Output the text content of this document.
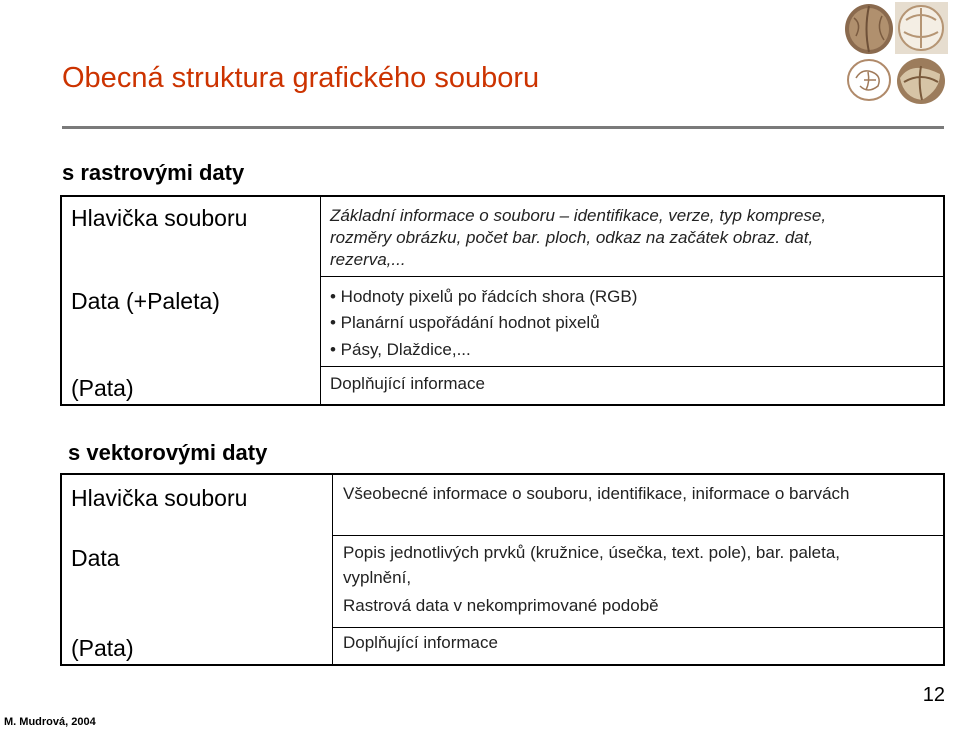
Obecná struktura grafického souboru
s rastrovými daty
Hlavička souboru	Základní informace o souboru – identifikace, verze, typ komprese,
rozměry obrázku, počet bar. ploch, odkaz na začátek obraz. dat,
rezerva,...
Data (+Paleta)	• Hodnoty pixelů po řádcích shora (RGB)
• Planární uspořádání hodnot pixelů
• Pásy, Dlaždice,...
(Pata)	Doplňující informace
s vektorovými daty
Hlavička souboru	Všeobecné informace o souboru, identifikace, iniformace o barvách
Data	Popis jednotlivých prvků (kružnice, úsečka, text. pole), bar. paleta,
vyplnění,
Rastrová data v nekomprimované podobě
(Pata)	Doplňující informace
M. Mudrová, 2004
12
